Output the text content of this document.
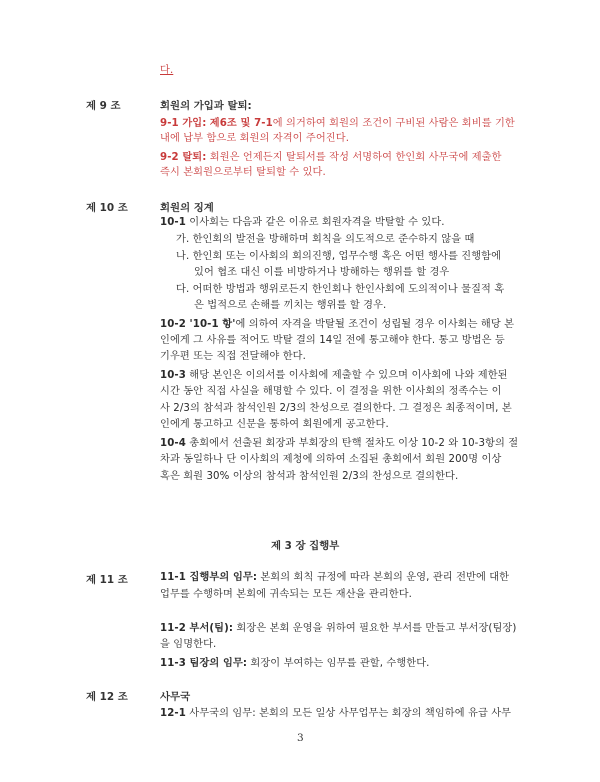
다.
제 9 조	회원의 가입과 탈퇴:
9-1 가입: 제6조 및 7-1에 의거하여 회원의 조건이 구비된 사람은 회비를 기한
내에 납부 함으로 회원의 자격이 주어진다.
9-2 탈퇴: 회원은 언제든지 탈퇴서를 작성 서명하여 한인회 사무국에 제출한
즉시 본회원으로부터 탈퇴할 수 있다.
제 10 조	회원의 징계
10-1 이사회는 다음과 같은 이유로 회원자격을 박탈할 수 있다.
가. 한인회의 발전을 방해하며 회칙을 의도적으로 준수하지 않을 때
나. 한인회 또는 이사회의 회의진행, 업무수행 혹은 어떤 행사를 진행함에
있어 협조 대신 이를 비방하거나 방해하는 행위를 할 경우
다. 어떠한 방법과 행위로든지 한인회나 한인사회에 도의적이나 물질적 혹
은 법적으로 손해를 끼치는 행위를 할 경우.
10-2 '10-1 항'에 의하여 자격을 박탈될 조건이 성립될 경우 이사회는 해당 본
인에게 그 사유를 적어도 박탈 결의 14일 전에 통고해야 한다. 통고 방법은 등
기우편 또는 직접 전달해야 한다.
10-3 해당 본인은 이의서를 이사회에 제출할 수 있으며 이사회에 나와 제한된
시간 동안 직접 사실을 해명할 수 있다. 이 결정을 위한 이사회의 정족수는 이
사 2/3의 참석과 참석인원 2/3의 찬성으로 결의한다. 그 결정은 최종적이며, 본
인에게 통고하고 신문을 통하여 회원에게 공고한다.
10-4 총회에서 선출된 회장과 부회장의 탄핵 절차도 이상 10-2 와 10-3항의 절
차과 동일하나 단 이사회의 제청에 의하여 소집된 총회에서 회원 200명 이상
혹은 회원 30% 이상의 참석과 참석인원 2/3의 찬성으로 결의한다.
제 3 장 집행부
제 11 조	11-1 집행부의 임무: 본회의 회칙 규정에 따라 본회의 운영, 관리 전반에 대한
업무를 수행하며 본회에 귀속되는 모든 재산을 관리한다.
11-2 부서(팀): 회장은 본회 운영을 위하여 필요한 부서를 만들고 부서장(팀장)
을 임명한다.
11-3 팀장의 임무: 회장이 부여하는 임무를 관할, 수행한다.
제 12 조	사무국
12-1 사무국의 임무: 본회의 모든 일상 사무업무는 회장의 책임하에 유급 사무
3
